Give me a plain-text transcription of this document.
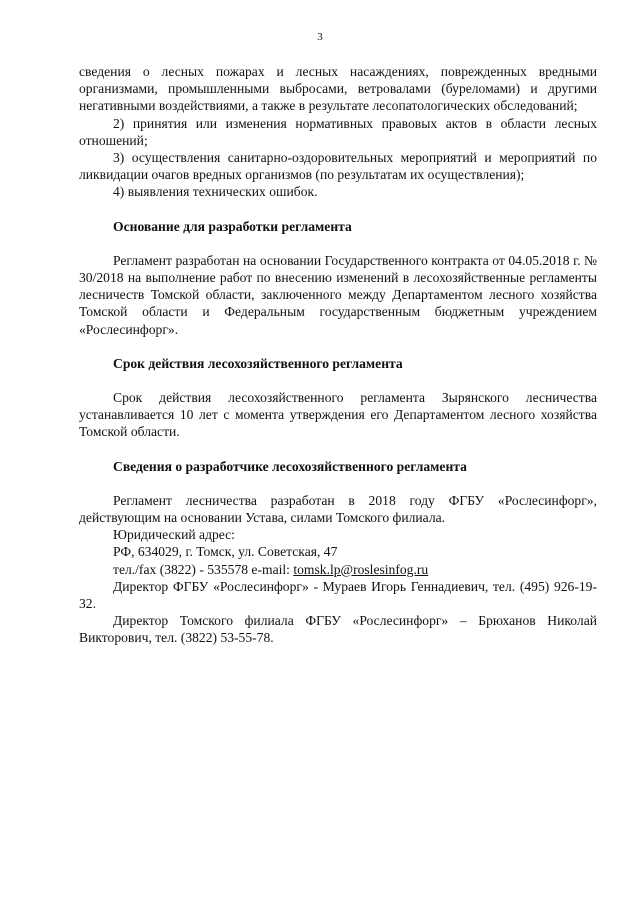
3

сведения о лесных пожарах и лесных насаждениях, поврежденных вредными организмами, промышленными выбросами, ветровалами (буреломами) и другими негативными воздействиями, а также в результате лесопатологических обследований;

2) принятия или изменения нормативных правовых актов в области лесных отношений;

3) осуществления санитарно-оздоровительных мероприятий и мероприятий по ликвидации очагов вредных организмов (по результатам их осуществления);

4) выявления технических ошибок.

Основание для разработки регламента

Регламент разработан на основании Государственного контракта от 04.05.2018 г. № 30/2018 на выполнение работ по внесению изменений в лесохозяйственные регламенты лесничеств Томской области, заключенного между Департаментом лесного хозяйства Томской области и Федеральным государственным бюджетным учреждением «Рослесинфорг».

Срок действия лесохозяйственного регламента

Срок действия лесохозяйственного регламента Зырянского лесничества устанавливается 10 лет с момента утверждения его Департаментом лесного хозяйства Томской области.

Сведения о разработчике лесохозяйственного регламента

Регламент лесничества разработан в 2018 году ФГБУ «Рослесинфорг», действующим на основании Устава, силами Томского филиала.

Юридический адрес:

РФ, 634029, г. Томск, ул. Советская, 47

тел./fax (3822) - 535578 e-mail: tomsk.lp@roslesinfog.ru

Директор ФГБУ «Рослесинфорг» - Мураев Игорь Геннадиевич, тел. (495) 926-19-32.

Директор Томского филиала ФГБУ «Рослесинфорг» – Брюханов Николай Викторович, тел. (3822) 53-55-78.
